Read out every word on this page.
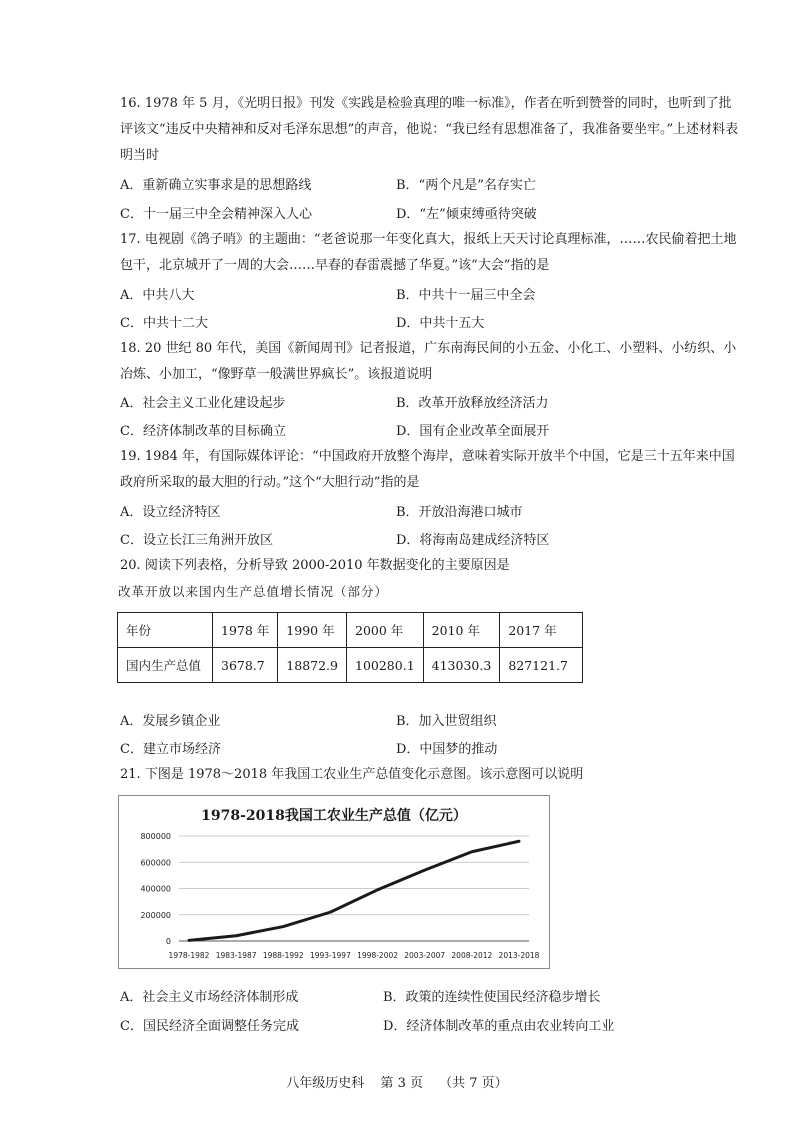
16. 1978 年 5 月，《光明日报》刊发《实践是检验真理的唯一标准》，作者在听到赞誉的同时，也听到了批评该文“违反中央精神和反对毛泽东思想”的声音，他说：“我已经有思想准备了，我准备要坐牢。”上述材料表明当时
A．重新确立实事求是的思想路线	B．“两个凡是”名存实亡
C．十一届三中全会精神深入人心	D．“左”倾束缚亟待突破
17. 电视剧《鸽子哨》的主题曲：“老爸说那一年变化真大，报纸上天天讨论真理标准，……农民偷着把土地包干，北京城开了一周的大会……早春的春雷震撼了华夏。”该“大会”指的是
A．中共八大	B．中共十一届三中全会
C．中共十二大	D．中共十五大
18. 20 世纪 80 年代，美国《新闻周刊》记者报道，广东南海民间的小五金、小化工、小塑料、小纺织、小冶炼、小加工，“像野草一般满世界疯长”。该报道说明
A．社会主义工业化建设起步	B．改革开放释放经济活力
C．经济体制改革的目标确立	D．国有企业改革全面展开
19. 1984 年，有国际媒体评论：“中国政府开放整个海岸，意味着实际开放半个中国，它是三十五年来中国政府所采取的最大胆的行动。”这个“大胆行动”指的是
A．设立经济特区	B．开放沿海港口城市
C．设立长江三角洲开放区	D．将海南岛建成经济特区
20. 阅读下列表格，分析导致 2000-2010 年数据变化的主要原因是
改革开放以来国内生产总值增长情况（部分）
年份	1978 年	1990 年	2000 年	2010 年	2017 年
国内生产总值	3678.7	18872.9	100280.1	413030.3	827121.7
A．发展乡镇企业	B．加入世贸组织
C．建立市场经济	D．中国梦的推动
21. 下图是 1978～2018 年我国工农业生产总值变化示意图。该示意图可以说明
1978-2018我国工农业生产总值（亿元）
0
200000
400000
600000
800000
1978-1982 1983-1987 1988-1992 1993-1997 1998-2002 2003-2007 2008-2012 2013-2018
A．社会主义市场经济体制形成	B．政策的连续性使国民经济稳步增长
C．国民经济全面调整任务完成	D．经济体制改革的重点由农业转向工业
八年级历史科 第 3 页 （共 7 页）
